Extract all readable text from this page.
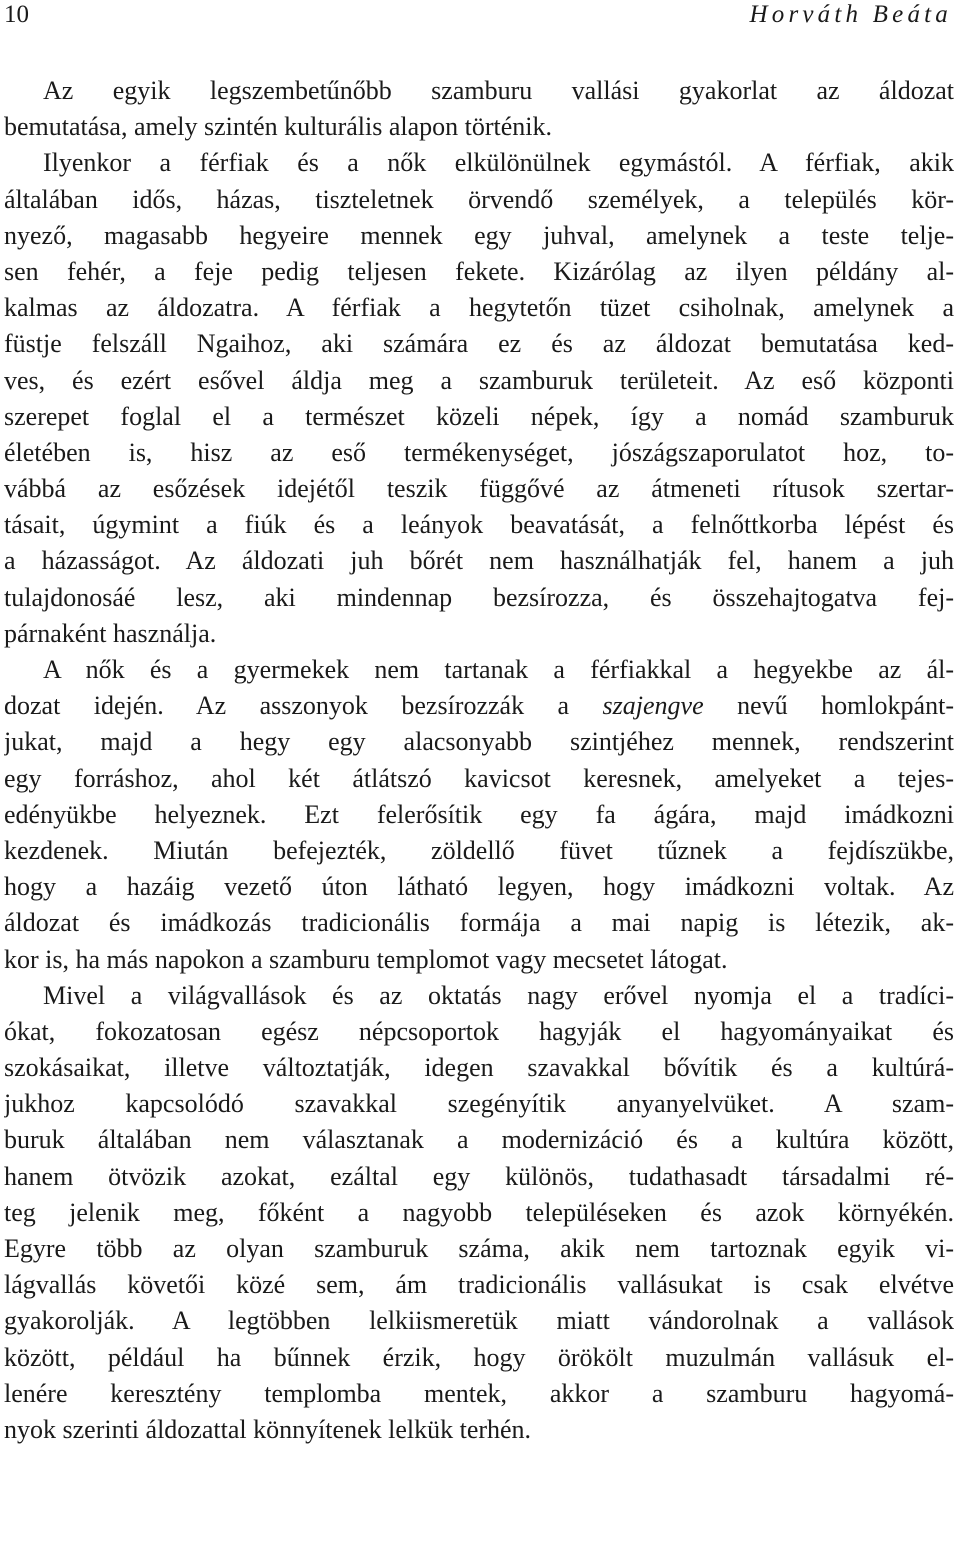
10	Horváth Beáta
Az egyik legszembetűnőbb szamburu vallási gyakorlat az áldozat
bemutatása, amely szintén kulturális alapon történik.
Ilyenkor a férfiak és a nők elkülönülnek egymástól. A férfiak, akik
általában idős, házas, tiszteletnek örvendő személyek, a település kör-
nyező, magasabb hegyeire mennek egy juhval, amelynek a teste telje-
sen fehér, a feje pedig teljesen fekete. Kizárólag az ilyen példány al-
kalmas az áldozatra. A férfiak a hegytetőn tüzet csiholnak, amelynek a
füstje felszáll Ngaihoz, aki számára ez és az áldozat bemutatása ked-
ves, és ezért esővel áldja meg a szamburuk területeit. Az eső központi
szerepet foglal el a természet közeli népek, így a nomád szamburuk
életében is, hisz az eső termékenységet, jószágszaporulatot hoz, to-
vábbá az esőzések idejétől teszik függővé az átmeneti rítusok szertar-
tásait, úgymint a fiúk és a leányok beavatását, a felnőttkorba lépést és
a házasságot. Az áldozati juh bőrét nem használhatják fel, hanem a juh
tulajdonosáé lesz, aki mindennap bezsírozza, és összehajtogatva fej-
párnaként használja.
A nők és a gyermekek nem tartanak a férfiakkal a hegyekbe az ál-
dozat idején. Az asszonyok bezsírozzák a szajengve nevű homlokpánt-
jukat, majd a hegy egy alacsonyabb szintjéhez mennek, rendszerint
egy forráshoz, ahol két átlátszó kavicsot keresnek, amelyeket a tejes-
edényükbe helyeznek. Ezt felerősítik egy fa ágára, majd imádkozni
kezdenek. Miután befejezték, zöldellő füvet tűznek a fejdíszükbe,
hogy a hazáig vezető úton látható legyen, hogy imádkozni voltak. Az
áldozat és imádkozás tradicionális formája a mai napig is létezik, ak-
kor is, ha más napokon a szamburu templomot vagy mecsetet látogat.
Mivel a világvallások és az oktatás nagy erővel nyomja el a tradíci-
ókat, fokozatosan egész népcsoportok hagyják el hagyományaikat és
szokásaikat, illetve változtatják, idegen szavakkal bővítik és a kultúrá-
jukhoz kapcsolódó szavakkal szegényítik anyanyelvüket. A szam-
buruk általában nem választanak a modernizáció és a kultúra között,
hanem ötvözik azokat, ezáltal egy különös, tudathasadt társadalmi ré-
teg jelenik meg, főként a nagyobb településeken és azok környékén.
Egyre több az olyan szamburuk száma, akik nem tartoznak egyik vi-
lágvallás követői közé sem, ám tradicionális vallásukat is csak elvétve
gyakorolják. A legtöbben lelkiismeretük miatt vándorolnak a vallások
között, például ha bűnnek érzik, hogy örökölt muzulmán vallásuk el-
lenére keresztény templomba mentek, akkor a szamburu hagyomá-
nyok szerinti áldozattal könnyítenek lelkük terhén.
